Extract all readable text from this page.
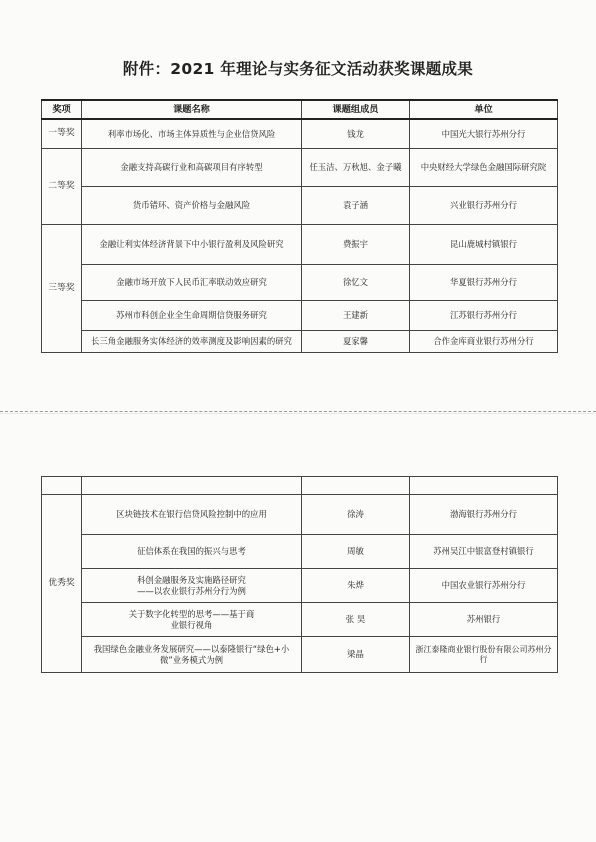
附件：2021 年理论与实务征文活动获奖课题成果
奖项	课题名称	课题组成员	单位
一等奖	利率市场化、市场主体异质性与企业信贷风险	钱龙	中国光大银行苏州分行
二等奖	金融支持高碳行业和高碳项目有序转型	任玉洁、万秋旭、金子曦	中央财经大学绿色金融国际研究院
	货币错环、资产价格与金融风险	袁子涵	兴业银行苏州分行
三等奖	金融让利实体经济背景下中小银行盈利及风险研究	费振宇	昆山鹿城村镇银行
	金融市场开放下人民币汇率联动效应研究	徐忆文	华夏银行苏州分行
	苏州市科创企业全生命周期信贷服务研究	王建新	江苏银行苏州分行
	长三角金融服务实体经济的效率测度及影响因素的研究	夏家馨	合作金库商业银行苏州分行

优秀奖	区块链技术在银行信贷风险控制中的应用	徐涛	渤海银行苏州分行
	征信体系在我国的振兴与思考	周敏	苏州吴江中银富登村镇银行
	科创金融服务及实施路径研究
——以农业银行苏州分行为例	朱烨	中国农业银行苏州分行
	关于数字化转型的思考——基于商
业银行视角	张 昊	苏州银行
	我国绿色金融业务发展研究——以泰隆银行“绿色+小
微”业务模式为例	梁晶	浙江泰隆商业银行股份有限公司苏州分行
